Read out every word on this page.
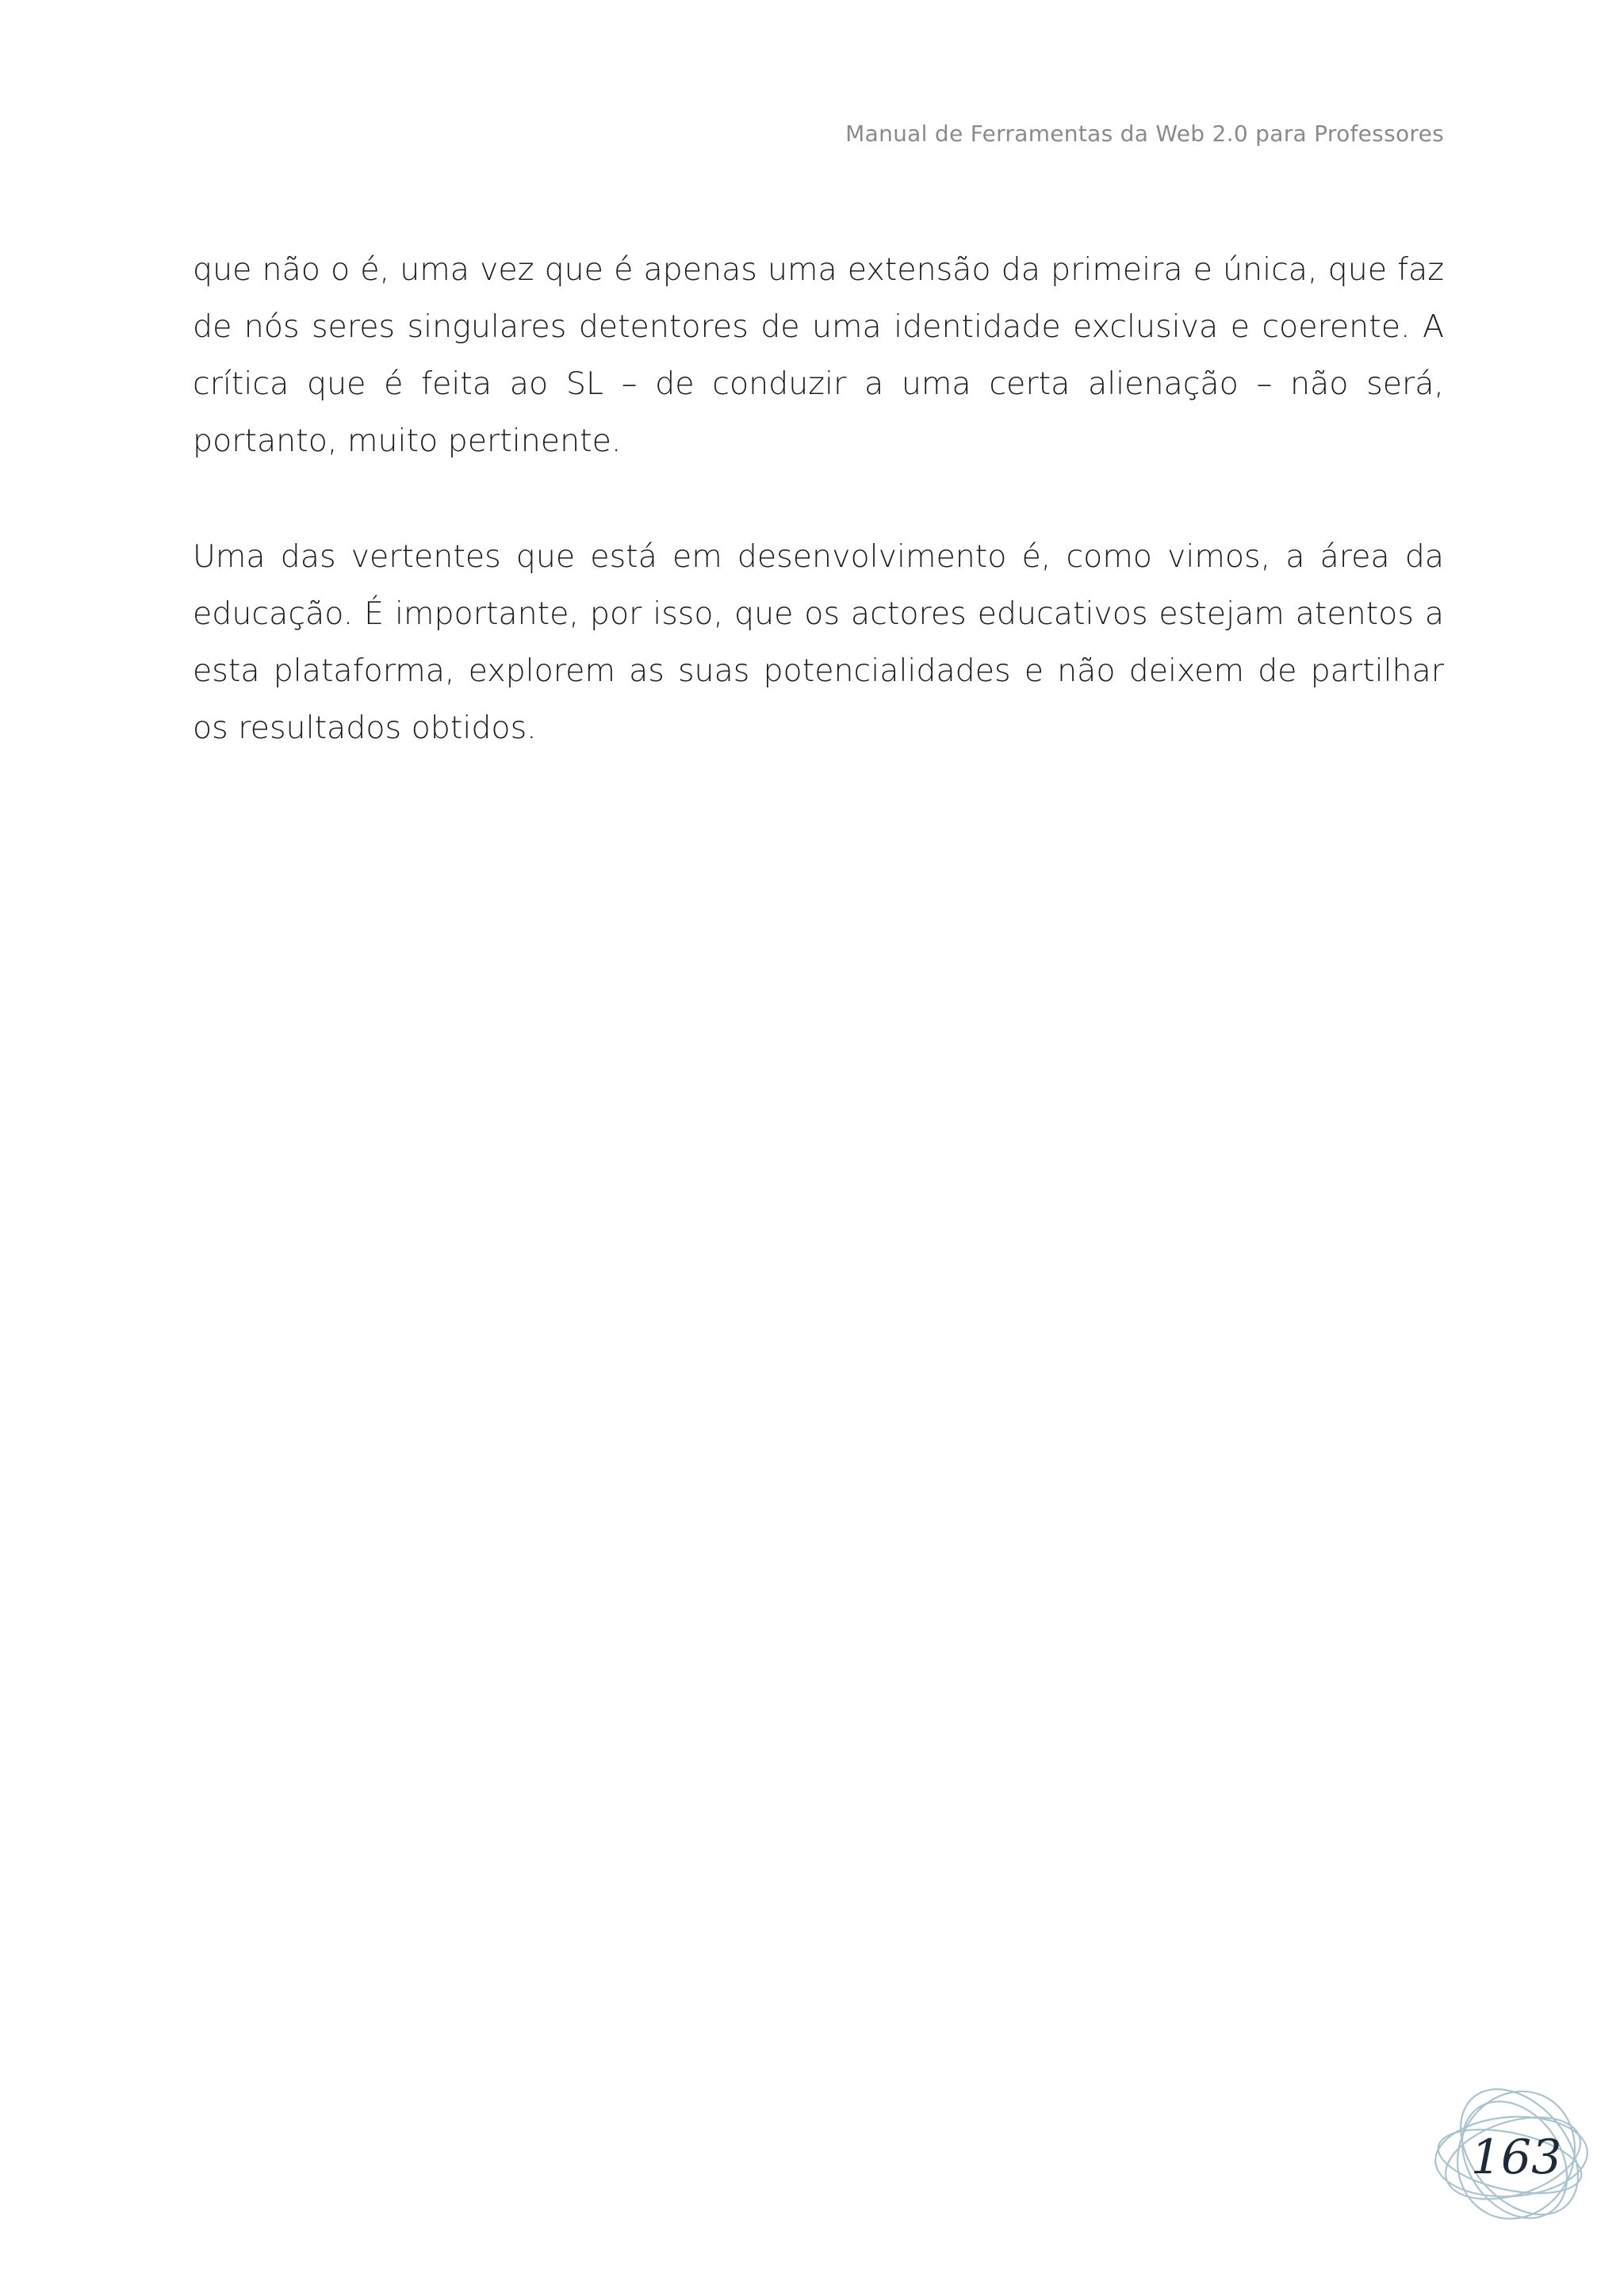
Manual de Ferramentas da Web 2.0 para Professores

que não o é, uma vez que é apenas uma extensão da primeira e única, que faz de nós seres singulares detentores de uma identidade exclusiva e coerente. A crítica que é feita ao SL – de conduzir a uma certa alienação – não será, portanto, muito pertinente.

Uma das vertentes que está em desenvolvimento é, como vimos, a área da educação. É importante, por isso, que os actores educativos estejam atentos a esta plataforma, explorem as suas potencialidades e não deixem de partilhar os resultados obtidos.

163
